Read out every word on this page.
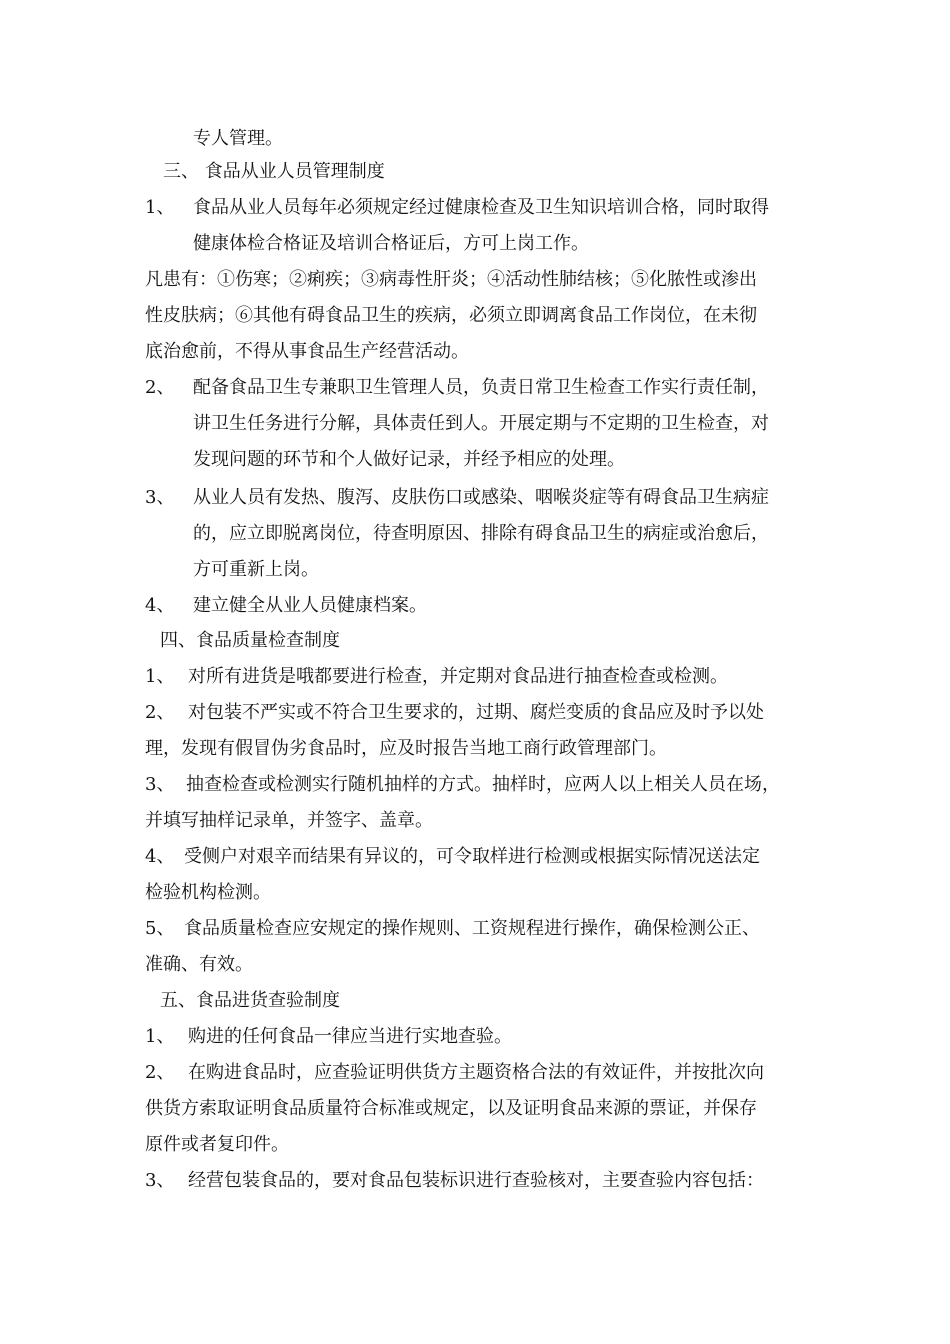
专人管理。
三、 食品从业人员管理制度
1、 食品从业人员每年必须规定经过健康检查及卫生知识培训合格，同时取得
健康体检合格证及培训合格证后，方可上岗工作。
凡患有：①伤寒；②痢疾；③病毒性肝炎；④活动性肺结核；⑤化脓性或渗出
性皮肤病；⑥其他有碍食品卫生的疾病，必须立即调离食品工作岗位，在未彻
底治愈前，不得从事食品生产经营活动。
2、 配备食品卫生专兼职卫生管理人员，负责日常卫生检查工作实行责任制，
讲卫生任务进行分解，具体责任到人。开展定期与不定期的卫生检查，对
发现问题的环节和个人做好记录，并经予相应的处理。
3、 从业人员有发热、腹泻、皮肤伤口或感染、咽喉炎症等有碍食品卫生病症
的，应立即脱离岗位，待查明原因、排除有碍食品卫生的病症或治愈后，
方可重新上岗。
4、 建立健全从业人员健康档案。
四、食品质量检查制度
1、 对所有进货是哦都要进行检查，并定期对食品进行抽查检查或检测。
2、 对包装不严实或不符合卫生要求的，过期、腐烂变质的食品应及时予以处
理，发现有假冒伪劣食品时，应及时报告当地工商行政管理部门。
3、 抽查检查或检测实行随机抽样的方式。抽样时，应两人以上相关人员在场，
并填写抽样记录单，并签字、盖章。
4、 受侧户对艰辛而结果有异议的，可令取样进行检测或根据实际情况送法定
检验机构检测。
5、 食品质量检查应安规定的操作规则、工资规程进行操作，确保检测公正、
准确、有效。
五、食品进货查验制度
1、 购进的任何食品一律应当进行实地查验。
2、 在购进食品时，应查验证明供货方主题资格合法的有效证件，并按批次向
供货方索取证明食品质量符合标准或规定，以及证明食品来源的票证，并保存
原件或者复印件。
3、 经营包装食品的，要对食品包装标识进行查验核对，主要查验内容包括：
